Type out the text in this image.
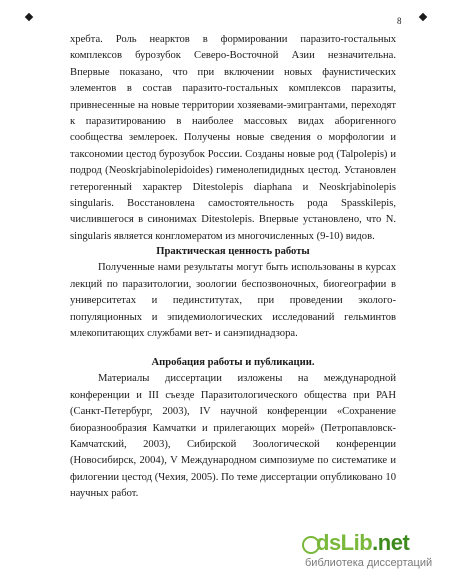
8

хребта. Роль неарктов в формировании паразито-гостальных комплексов бурозубок Северо-Восточной Азии незначительна. Впервые показано, что при включении новых фаунистических элементов в состав паразито-гостальных комплексов паразиты, привнесенные на новые территории хозяевами-эмигрантами, переходят к паразитированию в наиболее массовых видах аборигенного сообщества землероек. Получены новые сведения о морфологии и таксономии цестод бурозубок России. Созданы новые род (Talpolepis) и подрод (Neoskrjabinolepidoides) гименолепидидных цестод. Установлен гетерогенный характер Ditestolepis diaphana и Neoskrjabinolepis singularis. Восстановлена самостоятельность рода Spasskilepis, числившегося в синонимах Ditestolepis. Впервые установлено, что N. singularis является конгломератом из многочисленных (9-10) видов.

Практическая ценность работы

Полученные нами результаты могут быть использованы в курсах лекций по паразитологии, зоологии беспозвоночных, биогеографии в университетах и пединститутах, при проведении эколого-популяционных и эпидемиологических исследований гельминтов млекопитающих службами вет- и санэпиднадзора.

Апробация работы и публикации.

Материалы диссертации изложены на международной конференции и III съезде Паразитологического общества при РАН (Санкт-Петербург, 2003), IV научной конференции «Сохранение биоразнообразия Камчатки и прилегающих морей» (Петропавловск-Камчатский, 2003), Сибирской Зоологической конференции (Новосибирск, 2004), V Международном симпозиуме по систематике и филогении цестод (Чехия, 2005). По теме диссертации опубликовано 10 научных работ.

dsLib.net
библиотека диссертаций
